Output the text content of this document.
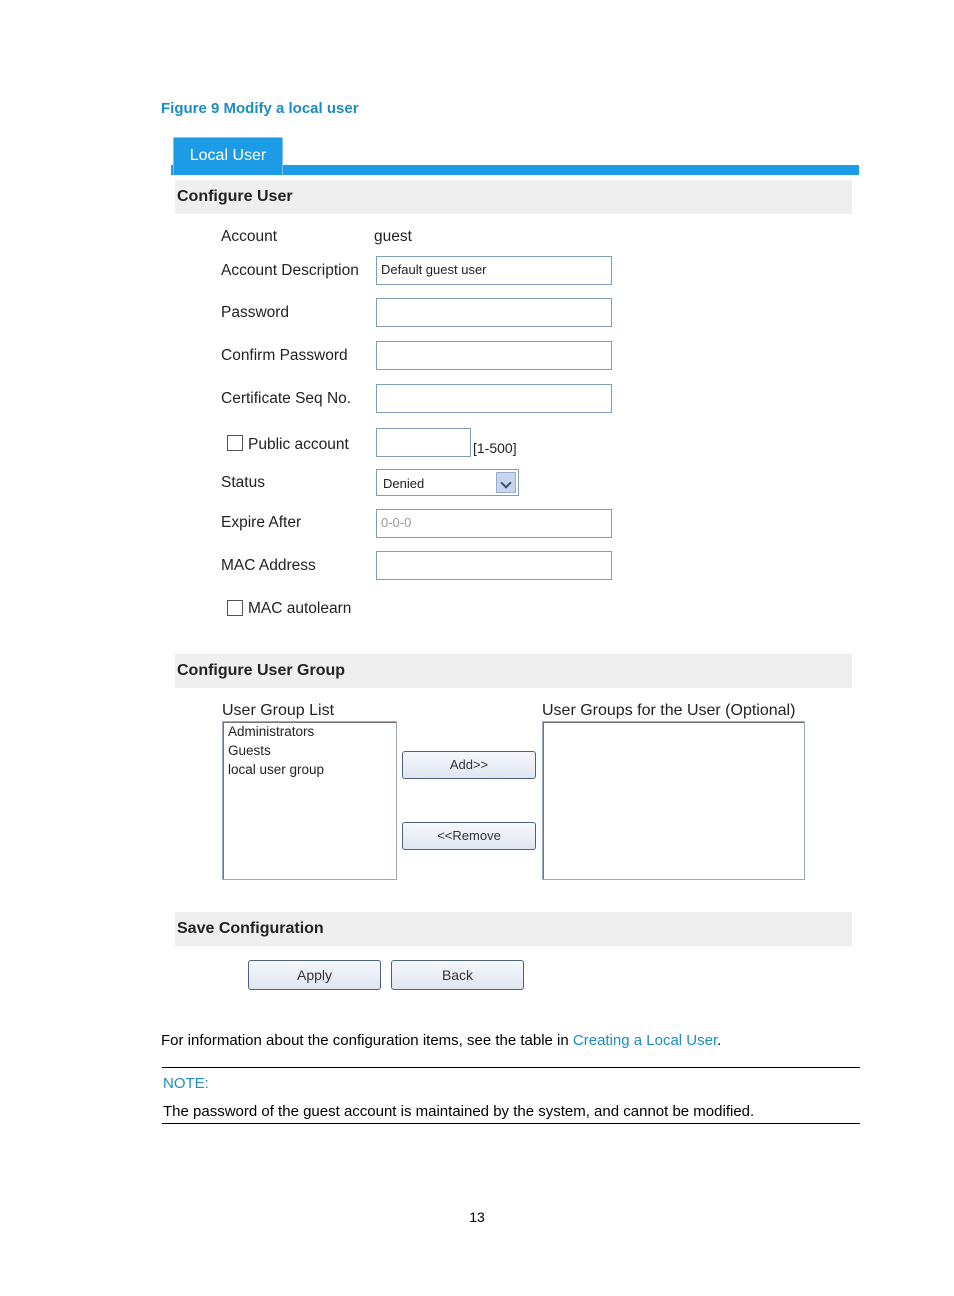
Figure 9 Modify a local user
Local User
Configure User
Account	guest
Account Description	Default guest user
Password
Confirm Password
Certificate Seq No.
Public account	[1-500]
Status	Denied
Expire After	0-0-0
MAC Address
MAC autolearn
Configure User Group
User Group List
Administrators
Guests
local user group	Add>>
<<Remove
User Groups for the User (Optional)
Save Configuration
Apply	Back
For information about the configuration items, see the table in Creating a Local User.
NOTE:
The password of the guest account is maintained by the system, and cannot be modified.
13
